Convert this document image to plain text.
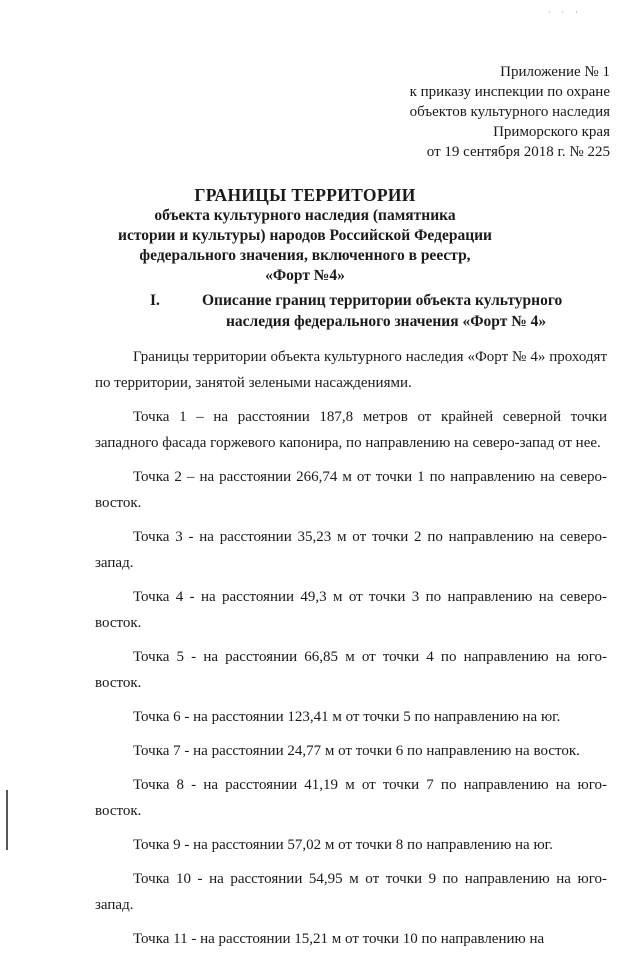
· · ·
Приложение № 1
к приказу инспекции по охране
объектов культурного наследия
Приморского края
от 19 сентября 2018 г. № 225
ГРАНИЦЫ ТЕРРИТОРИИ
объекта культурного наследия (памятника
истории и культуры) народов Российской Федерации
федерального значения, включенного в реестр,
«Форт №4»
I.	Описание границ территории объекта культурного
наследия федерального значения «Форт № 4»

Границы территории объекта культурного наследия «Форт № 4» проходят по территории, занятой зелеными насаждениями.

Точка 1 – на расстоянии 187,8 метров от крайней северной точки западного фасада горжевого капонира, по направлению на северо-запад от нее.

Точка 2 – на расстоянии 266,74 м от точки 1 по направлению на северо-восток.

Точка 3 - на расстоянии 35,23 м от точки 2 по направлению на северо-запад.

Точка 4 - на расстоянии 49,3 м от точки 3 по направлению на северо-восток.

Точка 5 - на расстоянии 66,85 м от точки 4 по направлению на юго-восток.

Точка 6 - на расстоянии 123,41 м от точки 5 по направлению на юг.

Точка 7 - на расстоянии 24,77 м от точки 6 по направлению на восток.

Точка 8 - на расстоянии 41,19 м от точки 7 по направлению на юго-восток.

Точка 9 - на расстоянии 57,02 м от точки 8 по направлению на юг.

Точка 10 - на расстоянии 54,95 м от точки 9 по направлению на юго-запад.

Точка 11 - на расстоянии 15,21 м от точки 10 по направлению на
